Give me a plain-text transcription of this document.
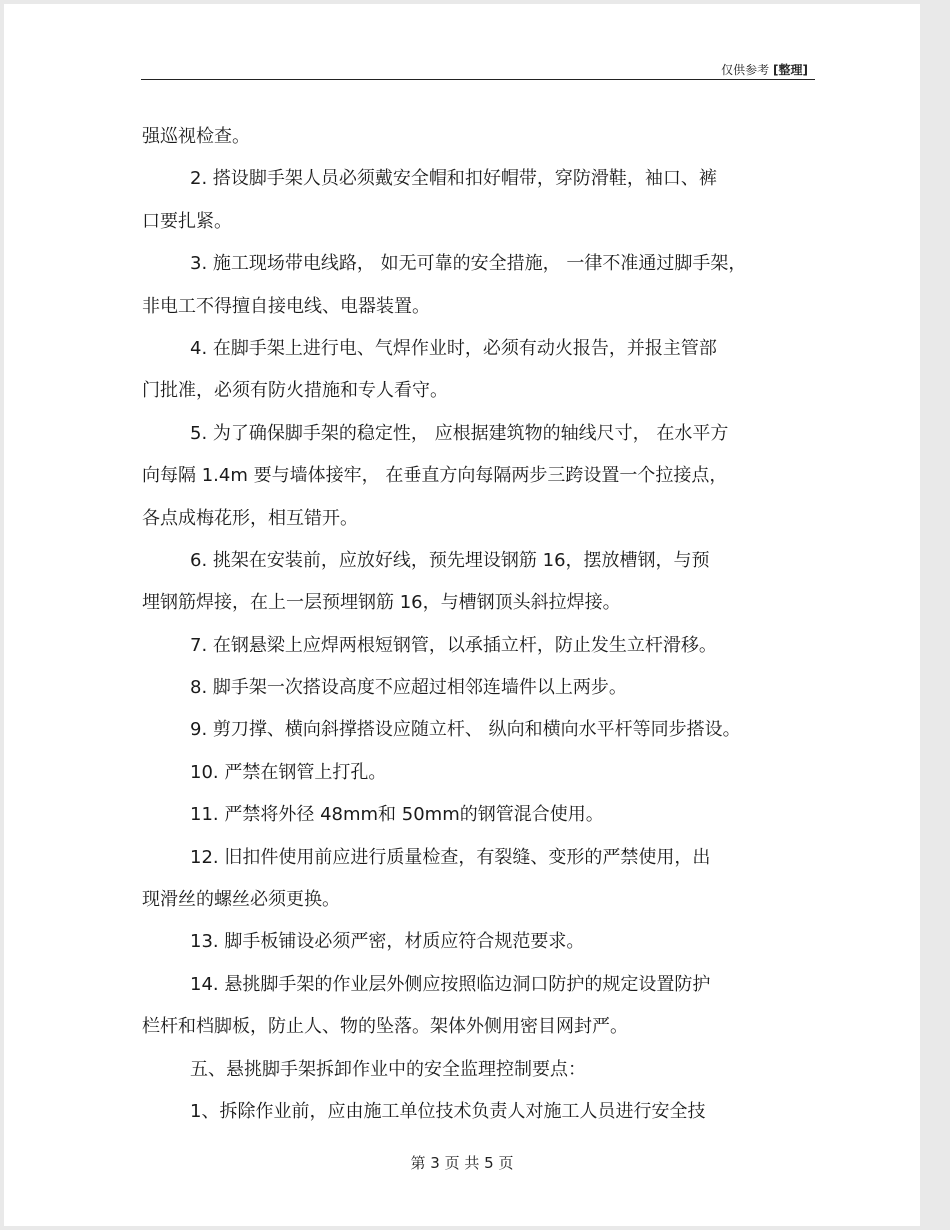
仅供参考 [整理]
强巡视检查。
2. 搭设脚手架人员必须戴安全帽和扣好帽带，穿防滑鞋，袖口、裤
口要扎紧。
3. 施工现场带电线路， 如无可靠的安全措施， 一律不准通过脚手架，
非电工不得擅自接电线、电器装置。
4. 在脚手架上进行电、气焊作业时，必须有动火报告，并报主管部
门批准，必须有防火措施和专人看守。
5. 为了确保脚手架的稳定性， 应根据建筑物的轴线尺寸， 在水平方
向每隔 1.4m 要与墙体接牢， 在垂直方向每隔两步三跨设置一个拉接点，
各点成梅花形，相互错开。
6. 挑架在安装前，应放好线，预先埋设钢筋 16，摆放槽钢，与预
埋钢筋焊接，在上一层预埋钢筋 16，与槽钢顶头斜拉焊接。
7. 在钢悬梁上应焊两根短钢管，以承插立杆，防止发生立杆滑移。
8. 脚手架一次搭设高度不应超过相邻连墙件以上两步。
9. 剪刀撑、横向斜撑搭设应随立杆、 纵向和横向水平杆等同步搭设。
10. 严禁在钢管上打孔。
11. 严禁将外径 48mm和 50mm的钢管混合使用。
12. 旧扣件使用前应进行质量检查，有裂缝、变形的严禁使用，出
现滑丝的螺丝必须更换。
13. 脚手板铺设必须严密，材质应符合规范要求。
14. 悬挑脚手架的作业层外侧应按照临边洞口防护的规定设置防护
栏杆和档脚板，防止人、物的坠落。架体外侧用密目网封严。
五、悬挑脚手架拆卸作业中的安全监理控制要点：
1、拆除作业前，应由施工单位技术负责人对施工人员进行安全技
第 3 页 共 5 页
